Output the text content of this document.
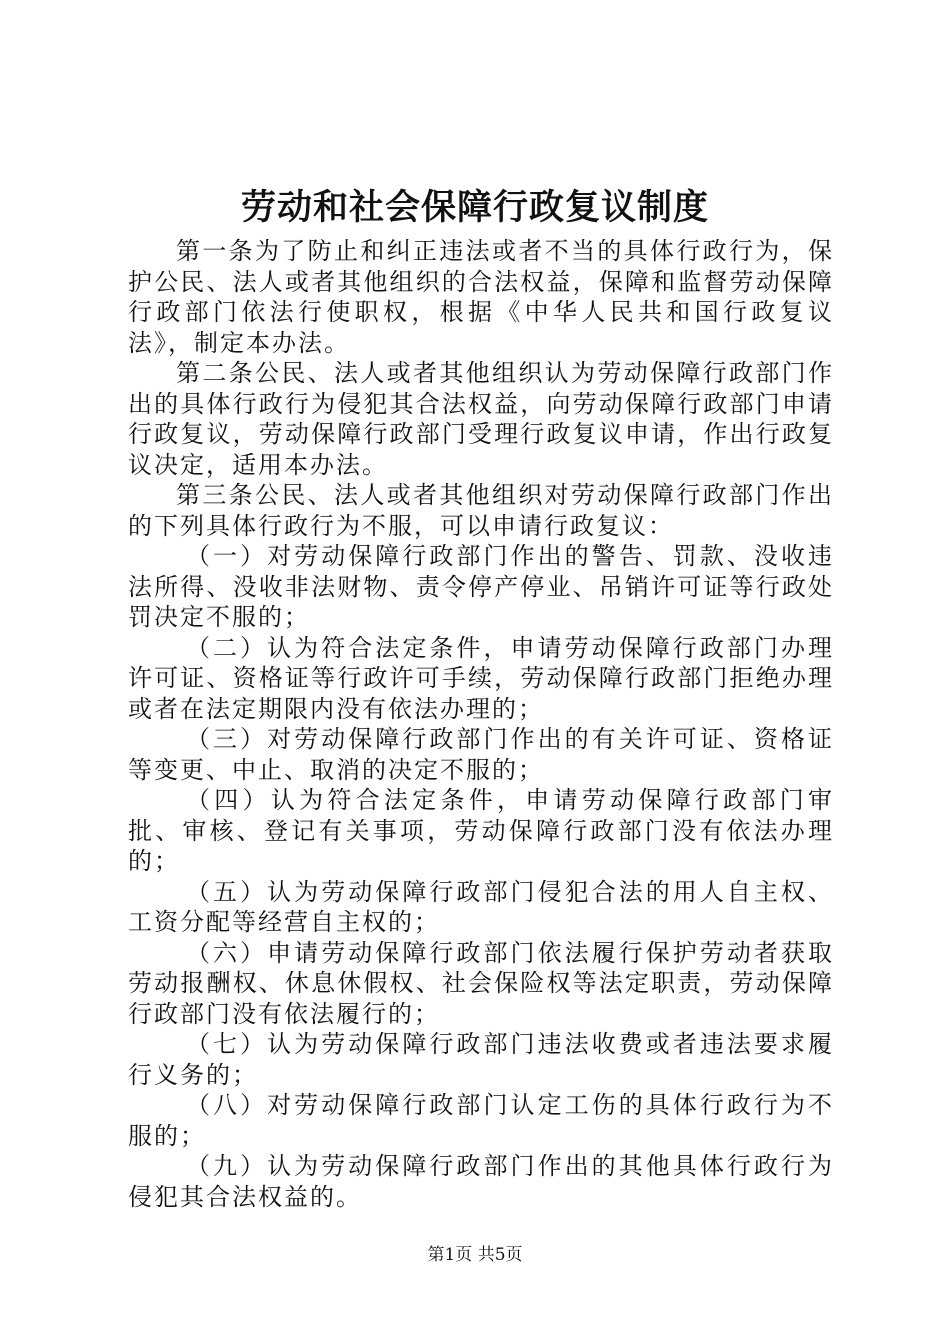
劳动和社会保障行政复议制度

第一条为了防止和纠正违法或者不当的具体行政行为，保护公民、法人或者其他组织的合法权益，保障和监督劳动保障行政部门依法行使职权，根据《中华人民共和国行政复议法》，制定本办法。

第二条公民、法人或者其他组织认为劳动保障行政部门作出的具体行政行为侵犯其合法权益，向劳动保障行政部门申请行政复议，劳动保障行政部门受理行政复议申请，作出行政复议决定，适用本办法。

第三条公民、法人或者其他组织对劳动保障行政部门作出的下列具体行政行为不服，可以申请行政复议：

（一）对劳动保障行政部门作出的警告、罚款、没收违法所得、没收非法财物、责令停产停业、吊销许可证等行政处罚决定不服的；

（二）认为符合法定条件，申请劳动保障行政部门办理许可证、资格证等行政许可手续，劳动保障行政部门拒绝办理或者在法定期限内没有依法办理的；

（三）对劳动保障行政部门作出的有关许可证、资格证等变更、中止、取消的决定不服的；

（四）认为符合法定条件，申请劳动保障行政部门审批、审核、登记有关事项，劳动保障行政部门没有依法办理的；

（五）认为劳动保障行政部门侵犯合法的用人自主权、工资分配等经营自主权的；

（六）申请劳动保障行政部门依法履行保护劳动者获取劳动报酬权、休息休假权、社会保险权等法定职责，劳动保障行政部门没有依法履行的；

（七）认为劳动保障行政部门违法收费或者违法要求履行义务的；

（八）对劳动保障行政部门认定工伤的具体行政行为不服的；

（九）认为劳动保障行政部门作出的其他具体行政行为侵犯其合法权益的。

第1页 共5页
